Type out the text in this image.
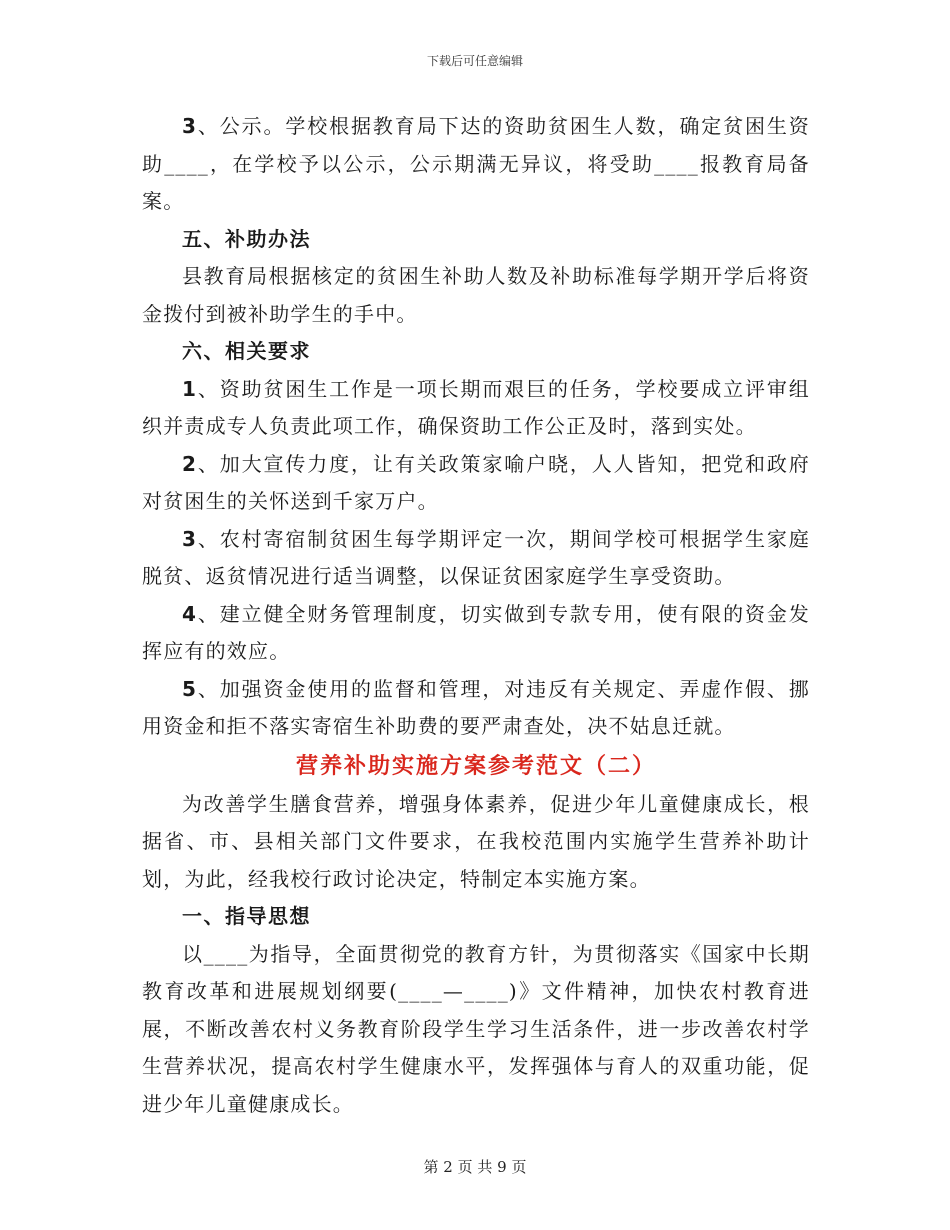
下载后可任意编辑

3、公示。学校根据教育局下达的资助贫困生人数，确定贫困生资助____，在学校予以公示，公示期满无异议，将受助____报教育局备案。

五、补助办法

县教育局根据核定的贫困生补助人数及补助标准每学期开学后将资金拨付到被补助学生的手中。

六、相关要求

1、资助贫困生工作是一项长期而艰巨的任务，学校要成立评审组织并责成专人负责此项工作，确保资助工作公正及时，落到实处。

2、加大宣传力度，让有关政策家喻户晓，人人皆知，把党和政府对贫困生的关怀送到千家万户。

3、农村寄宿制贫困生每学期评定一次，期间学校可根据学生家庭脱贫、返贫情况进行适当调整，以保证贫困家庭学生享受资助。

4、建立健全财务管理制度，切实做到专款专用，使有限的资金发挥应有的效应。

5、加强资金使用的监督和管理，对违反有关规定、弄虚作假、挪用资金和拒不落实寄宿生补助费的要严肃查处，决不姑息迁就。

营养补助实施方案参考范文（二）

为改善学生膳食营养，增强身体素养，促进少年儿童健康成长，根据省、市、县相关部门文件要求，在我校范围内实施学生营养补助计划，为此，经我校行政讨论决定，特制定本实施方案。

一、指导思想

以____为指导，全面贯彻党的教育方针，为贯彻落实《国家中长期教育改革和进展规划纲要(____—____)》文件精神，加快农村教育进展，不断改善农村义务教育阶段学生学习生活条件，进一步改善农村学生营养状况，提高农村学生健康水平，发挥强体与育人的双重功能，促进少年儿童健康成长。

第 2 页 共 9 页
